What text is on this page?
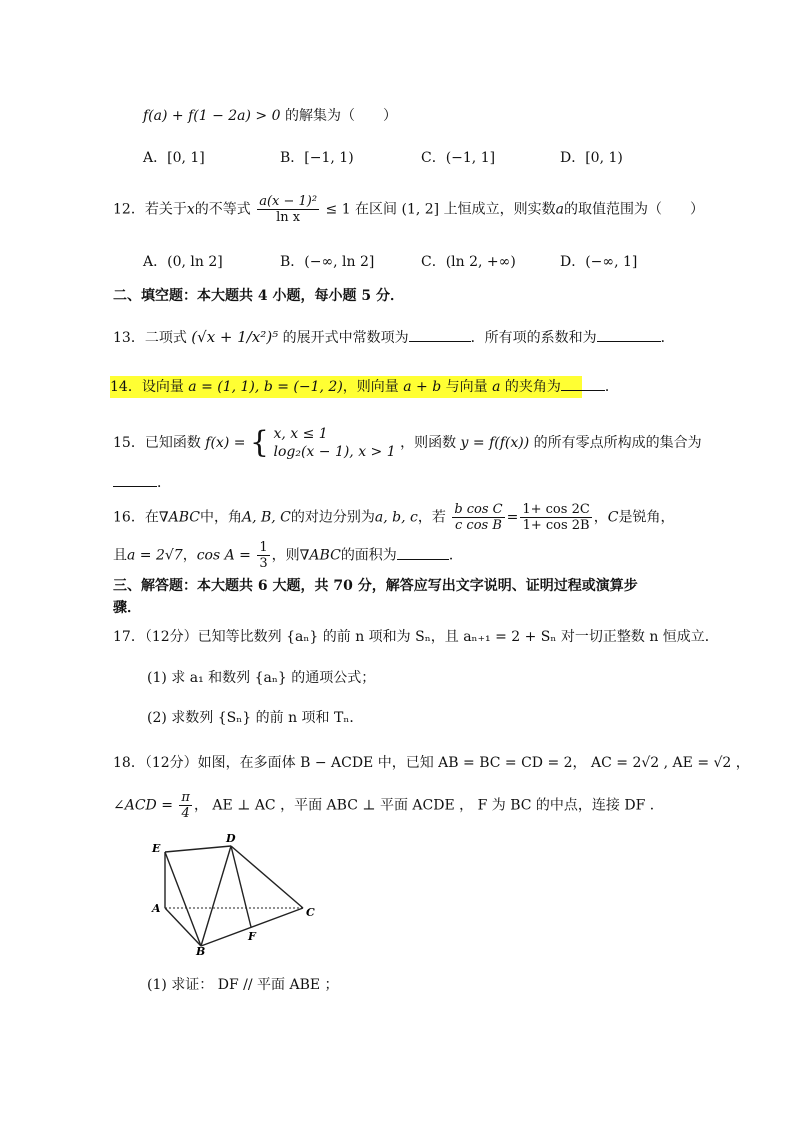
f(a) + f(1 − 2a) > 0 的解集为（　　）
A．[0, 1]	B．[−1, 1)	C．(−1, 1]	D．[0, 1)
12．若关于x的不等式 $\frac{\text{a(x − 1)²}}{\text{ln x}} \le 1$ 在区间 (1, 2] 上恒成立，则实数a的取值范围为（　　）
A．(0, ln 2]	B．(−∞, ln 2]	C．(ln 2, +∞)	D．(−∞, 1]
二、填空题：本大题共 4 小题，每小题 5 分．
13．二项式 (√x + 1/x²)⁵ 的展开式中常数项为	．所有项的系数和为	．
14．设向量 a = (1, 1), b = (−1, 2)，则向量 a + b 与向量 a 的夹角为	．
15．已知函数 f(x) = { x, x ≤ 1
log₂(x − 1), x > 1
，则函数 y = f(f(x)) 的所有零点所构成的集合为
．
16．在∇ABC中，角A, B, C的对边分别为a, b, c，若 $\frac{\text{b cos C}}{\text{c cos B}} = \frac{1+ \cos 2C}{1+ \cos 2B}$ ，C是锐角，
且a = 2√7，$\cos A = \frac{1}{3}$ ，则∇ABC的面积为	．
三、解答题：本大题共 6 大题，共 70 分，解答应写出文字说明、证明过程或演算步
骤．
17．（12分）已知等比数列 {aₙ} 的前 n 项和为 Sₙ，且 aₙ₊₁ = 2 + Sₙ 对一切正整数 n 恒成立．
(1) 求 a₁ 和数列 {aₙ} 的通项公式；
(2) 求数列 {Sₙ} 的前 n 项和 Tₙ．
18．（12分）如图，在多面体 B − ACDE 中，已知 AB = BC = CD = 2， AC = 2√2 , AE = √2 ，
∠ACD = $\frac{\pi}{4}$ ， AE ⊥ AC ，平面 ABC ⊥ 平面 ACDE ， F 为 BC 的中点，连接 DF ．
E
D
A	C
B
F
(1) 求证： DF // 平面 ABE ；
